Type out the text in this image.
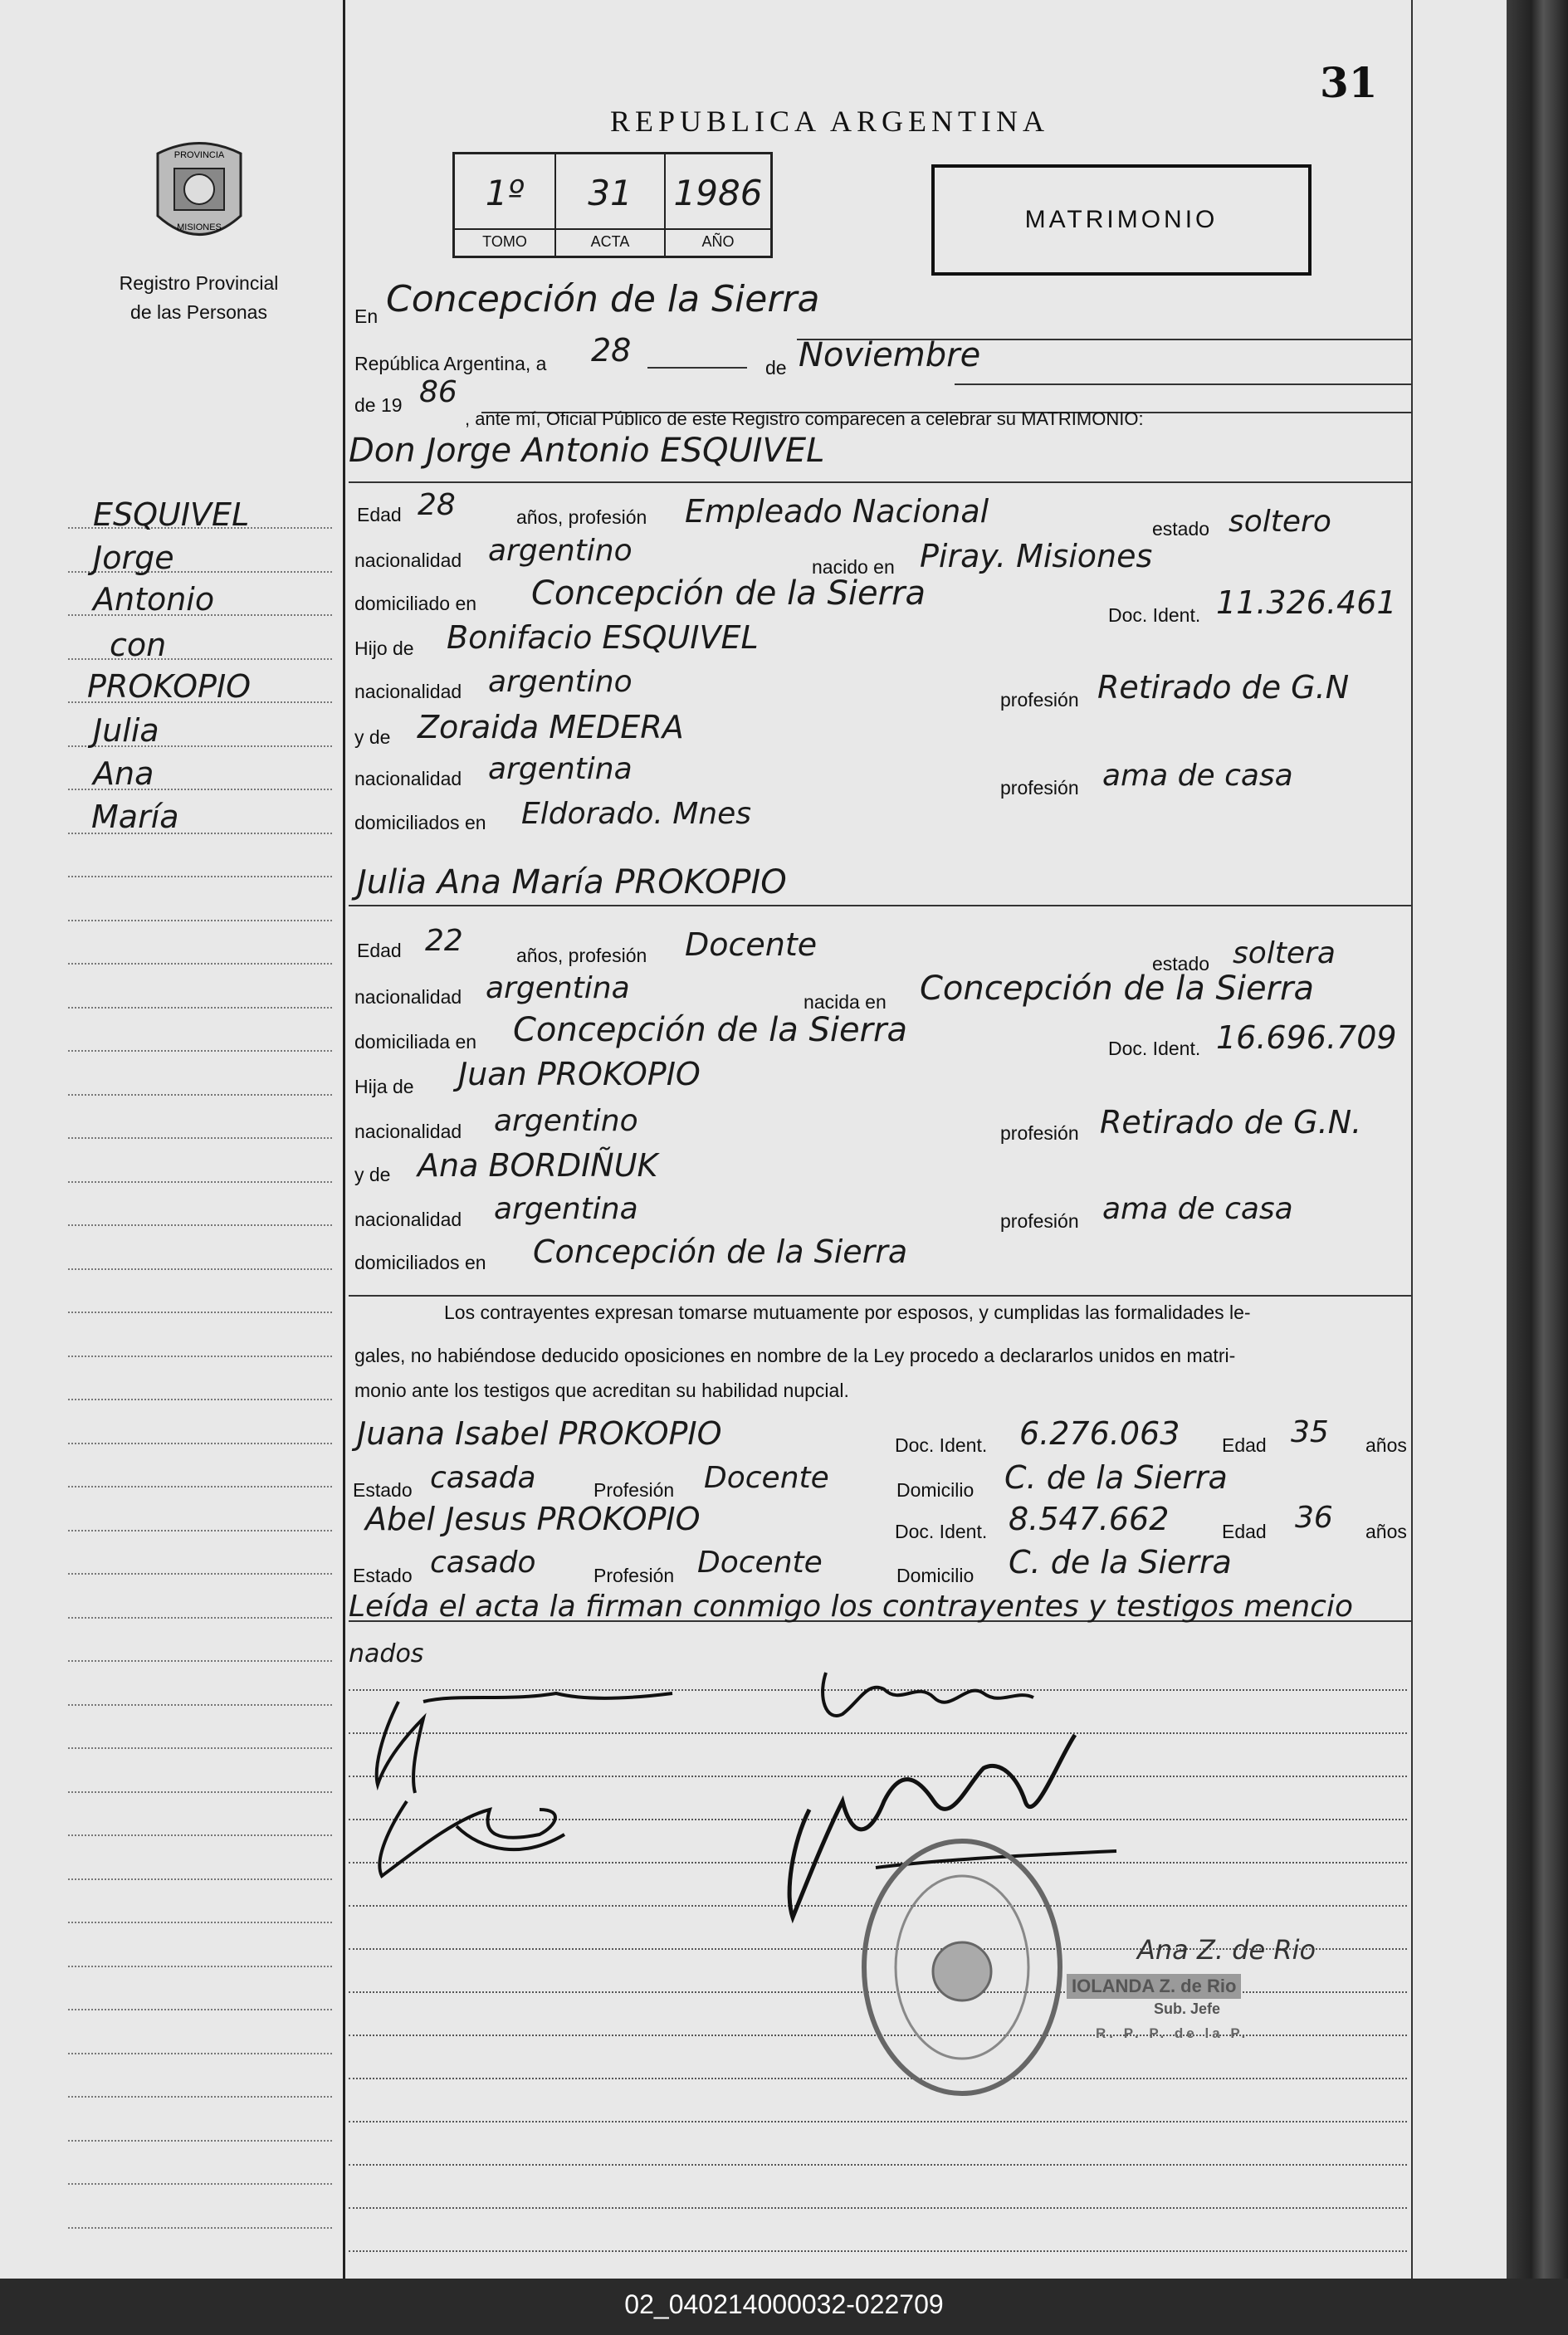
02_040214000032-022709
PROVINCIA
MISIONES
Registro Provincial
de las Personas
31
REPUBLICA ARGENTINA
1º
TOMO
31
ACTA
1986
AÑO
MATRIMONIO
ESQUIVEL
Jorge
Antonio
con
PROKOPIO
Julia
Ana
María
En Concepción de la Sierra
República Argentina, a 28	de Noviembre
de 19 86
, ante mí, Oficial Público de este Registro comparecen a celebrar su MATRIMONIO:
Don Jorge Antonio ESQUIVEL
Edad 28	años, profesión Empleado Nacional	estado soltero
nacionalidad argentino	nacido en Piray. Misiones
domiciliado en Concepción de la Sierra
Doc. Ident. 11.326.461
Hijo de Bonifacio ESQUIVEL
nacionalidad argentino
profesión Retirado de G.N
y de Zoraida MEDERA
nacionalidad argentina
profesión ama de casa
domiciliados en Eldorado. Mnes
Julia Ana María PROKOPIO
Edad 22	años, profesión Docente
estado soltera
nacionalidad argentina	nacida en Concepción de la Sierra
domiciliada en Concepción de la Sierra	Doc. Ident. 16.696.709
Hija de Juan PROKOPIO
nacionalidad argentino	profesión Retirado de G.N.
y de Ana BORDIÑUK
nacionalidad argentina	profesión ama de casa
domiciliados en Concepción de la Sierra
Los contrayentes expresan tomarse mutuamente por esposos, y cumplidas las formalidades le-
gales, no habiéndose deducido oposiciones en nombre de la Ley procedo a declararlos unidos en matri-
monio ante los testigos que acreditan su habilidad nupcial.
Juana Isabel PROKOPIO	Doc. Ident. 6.276.063 Edad 35 años
Estado casada	Profesión Docente	Domicilio C. de la Sierra
Abel Jesus PROKOPIO	Doc. Ident. 8.547.662	Edad 36 años
Estado casado	Profesión Docente	Domicilio C. de la Sierra
Leída el acta la firman conmigo los contrayentes y testigos mencio
nados
Ana Z. de Rio
IOLANDA Z. de Rio
Sub. Jefe
R. P. P. de la P.
